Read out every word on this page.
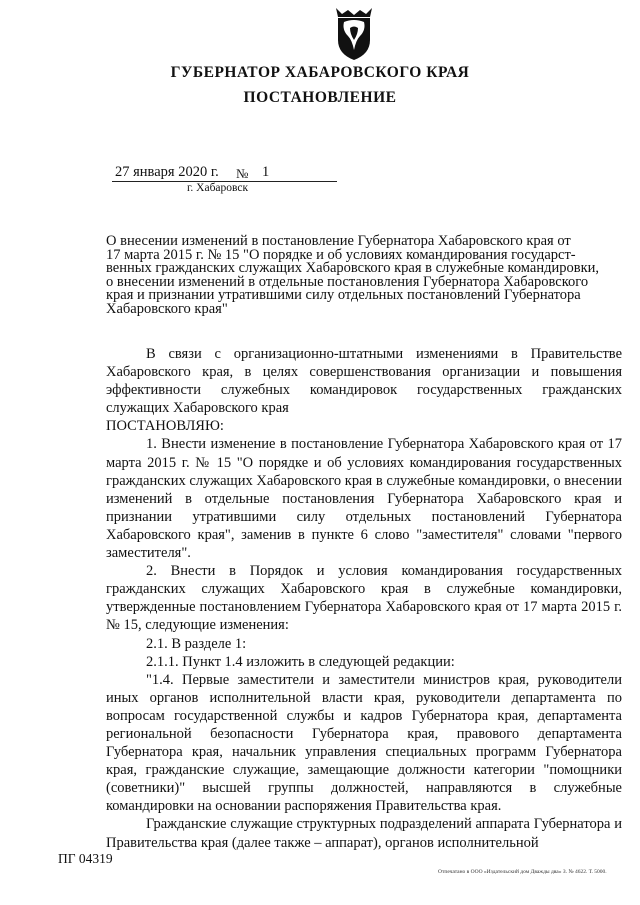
ГУБЕРНАТОР ХАБАРОВСКОГО КРАЯ
ПОСТАНОВЛЕНИЕ
27 января 2020 г. № 1
г. Хабаровск
О внесении изменений в постановление Губернатора Хабаровского края от
17 марта 2015 г. № 15 "О порядке и об условиях командирования государст-
венных гражданских служащих Хабаровского края в служебные командировки,
о внесении изменений в отдельные постановления Губернатора Хабаровского
края и признании утратившими силу отдельных постановлений Губернатора
Хабаровского края"

В связи с организационно-штатными изменениями в Правительстве Хабаровского края, в целях совершенствования организации и повышения эффективности служебных командировок государственных гражданских служащих Хабаровского края

ПОСТАНОВЛЯЮ:

1. Внести изменение в постановление Губернатора Хабаровского края от 17 марта 2015 г. № 15 "О порядке и об условиях командирования государственных гражданских служащих Хабаровского края в служебные командировки, о внесении изменений в отдельные постановления Губернатора Хабаровского края и признании утратившими силу отдельных постановлений Губернатора Хабаровского края", заменив в пункте 6 слово "заместителя" словами "первого заместителя".

2. Внести в Порядок и условия командирования государственных гражданских служащих Хабаровского края в служебные командировки, утвержденные постановлением Губернатора Хабаровского края от 17 марта 2015 г. № 15, следующие изменения:

2.1. В разделе 1:

2.1.1. Пункт 1.4 изложить в следующей редакции:

"1.4. Первые заместители и заместители министров края, руководители иных органов исполнительной власти края, руководители департамента по вопросам государственной службы и кадров Губернатора края, департамента региональной безопасности Губернатора края, правового департамента Губернатора края, начальник управления специальных программ Губернатора края, гражданские служащие, замещающие должности категории "помощники (советники)" высшей группы должностей, направляются в служебные командировки на основании распоряжения Правительства края.

Гражданские служащие структурных подразделений аппарата Губернатора и Правительства края (далее также – аппарат), органов исполнительной

ПГ 04319
Отпечатано в ООО «Издательский дом Дважды два» З. № 4622. Т. 5000.
